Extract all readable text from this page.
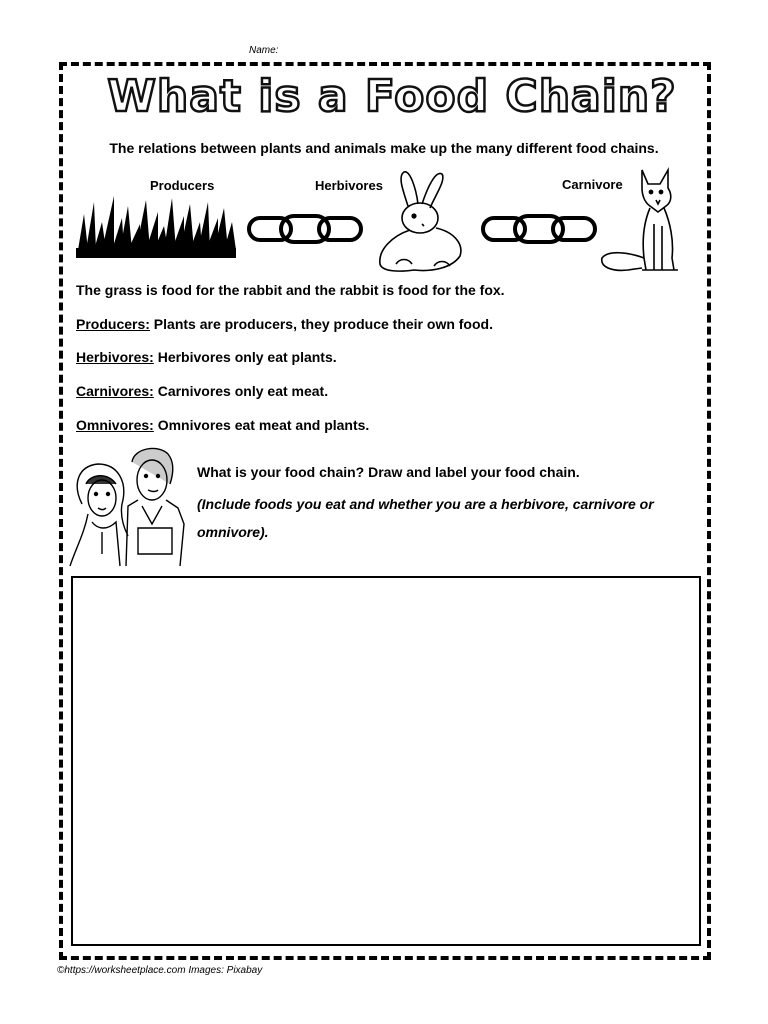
Name:
What is a Food Chain?
The relations between plants and animals make up the many different food chains.
Producers	Herbivores	Carnivore
The grass is food for the rabbit and the rabbit is food for the fox.
Producers: Plants are producers, they produce their own food.
Herbivores: Herbivores only eat plants.
Carnivores: Carnivores only eat meat.
Omnivores: Omnivores eat meat and plants.
What is your food chain? Draw and label your food chain.
(Include foods you eat and whether you are a herbivore, carnivore or omnivore).
©https://worksheetplace.com Images: Pixabay
